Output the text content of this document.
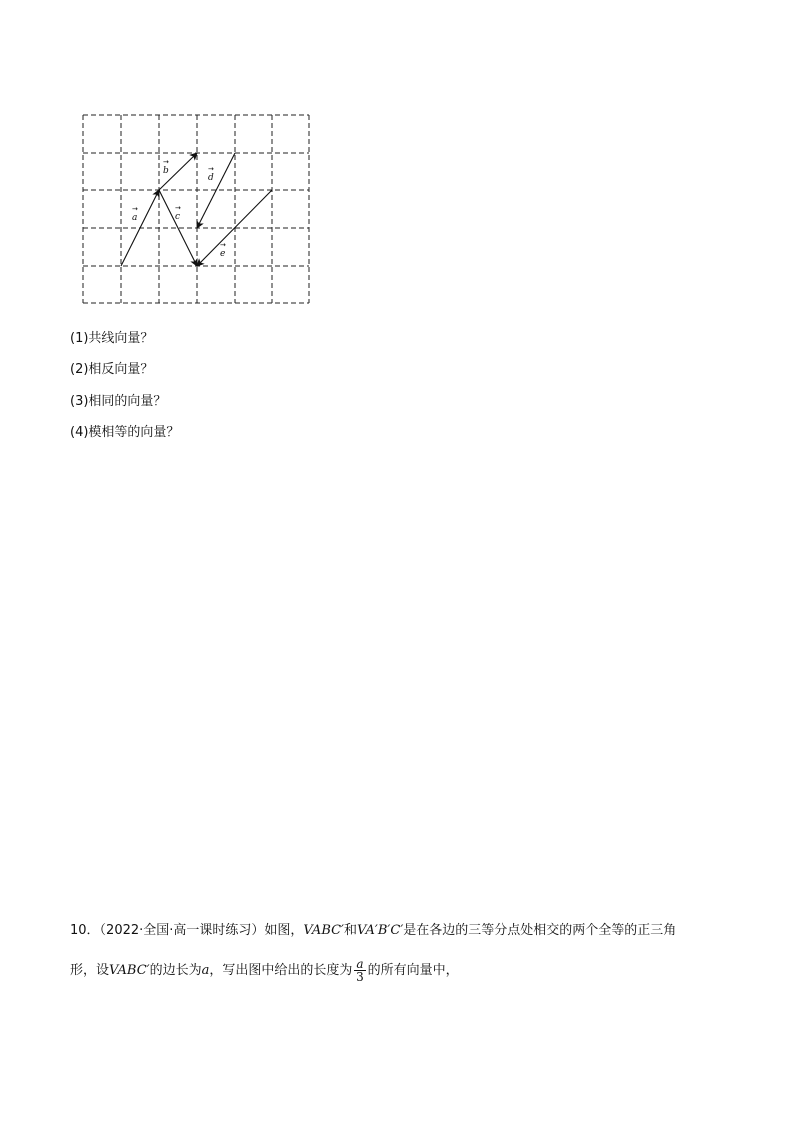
→
a
→
b
→
c
→
d
→
e
(1)共线向量？
(2)相反向量？
(3)相同的向量？
(4)模相等的向量？
10．（2022·全国·高一课时练习）如图，VABC′和VA′B′C′是在各边的三等分点处相交的两个全等的正三角
形，设VABC′的边长为a，写出图中给出的长度为 $\frac{a}{3}$ 的所有向量中，
